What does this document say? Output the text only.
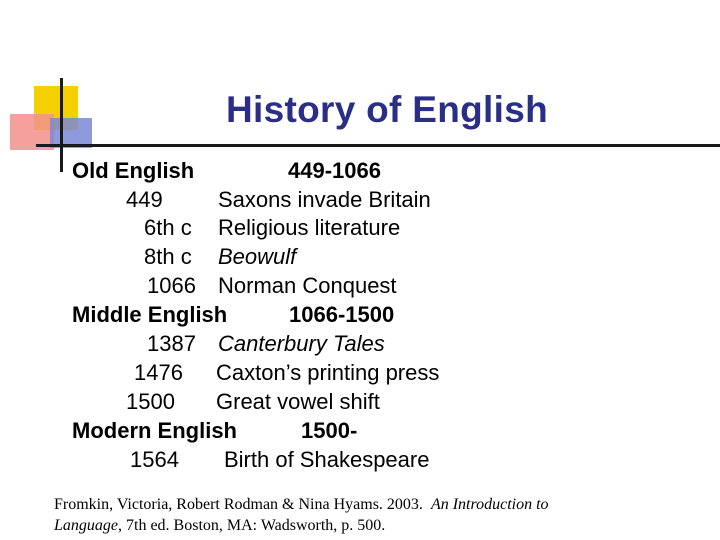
History of English
Old English	449-1066
449	Saxons invade Britain
6th c Religious literature
8th c Beowulf
1066 Norman Conquest
Middle English	1066-1500
1387 Canterbury Tales
1476 Caxton’s printing press
1500 Great vowel shift
Modern English	1500-
1564 Birth of Shakespeare
Fromkin, Victoria, Robert Rodman & Nina Hyams. 2003. An Introduction to
Language, 7th ed. Boston, MA: Wadsworth, p. 500.
